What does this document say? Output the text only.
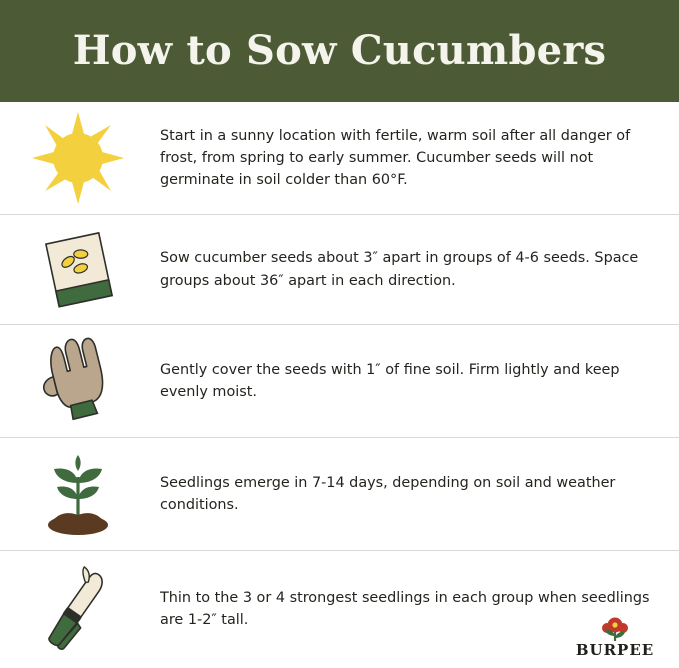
How to Sow Cucumbers
Start in a sunny location with fertile, warm soil after all danger of frost, from spring to early summer. Cucumber seeds will not germinate in soil colder than 60°F.
Sow cucumber seeds about 3″ apart in groups of 4-6 seeds. Space groups about 36″ apart in each direction.
Gently cover the seeds with 1″ of fine soil. Firm lightly and keep evenly moist.
Seedlings emerge in 7-14 days, depending on soil and weather conditions.
Thin to the 3 or 4 strongest seedlings in each group when seedlings are 1-2″ tall.
BURPEE
